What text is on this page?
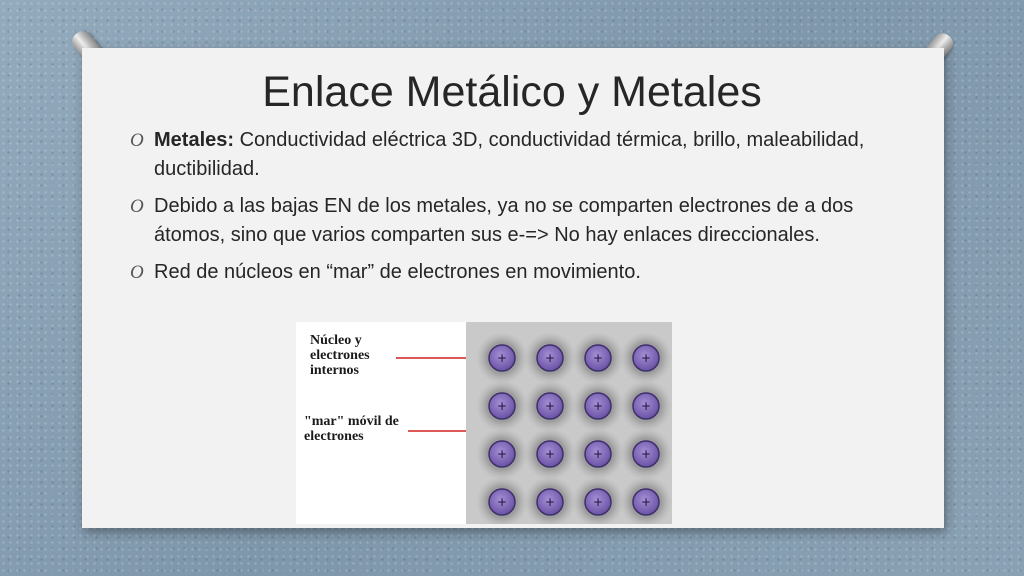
Enlace Metálico y Metales
O Metales: Conductividad eléctrica 3D, conductividad térmica, brillo, maleabilidad, ductibilidad.
O Debido a las bajas EN de los metales, ya no se comparten electrones de a dos átomos, sino que varios comparten sus e-=> No hay enlaces direccionales.
O Red de núcleos en “mar” de electrones en movimiento.
Núcleo y electrones internos
"mar" móvil de electrones
+	+	+	+
+	+	+	+
+	+	+	+
+	+	+	+
